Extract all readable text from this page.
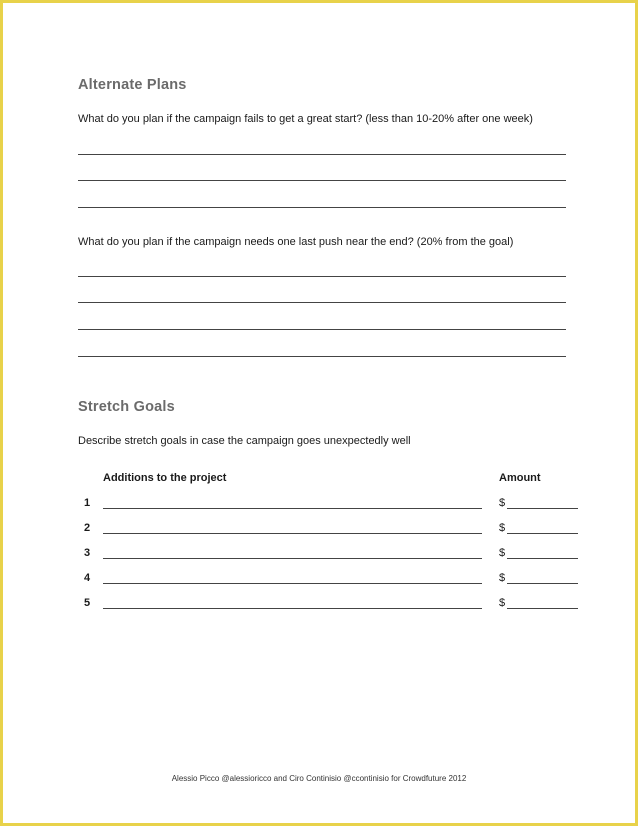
Alternate Plans
What do you plan if the campaign fails to get a great start? (less than 10-20% after one week)
What do you plan if the campaign needs one last push near the end? (20% from the goal)
Stretch Goals
Describe stretch goals in case the campaign goes unexpectedly well
Additions to the project	Amount
1	$
2	$
3	$
4	$
5	$
Alessio Picco @alessioricco and Ciro Continisio @ccontinisio for Crowdfuture 2012
